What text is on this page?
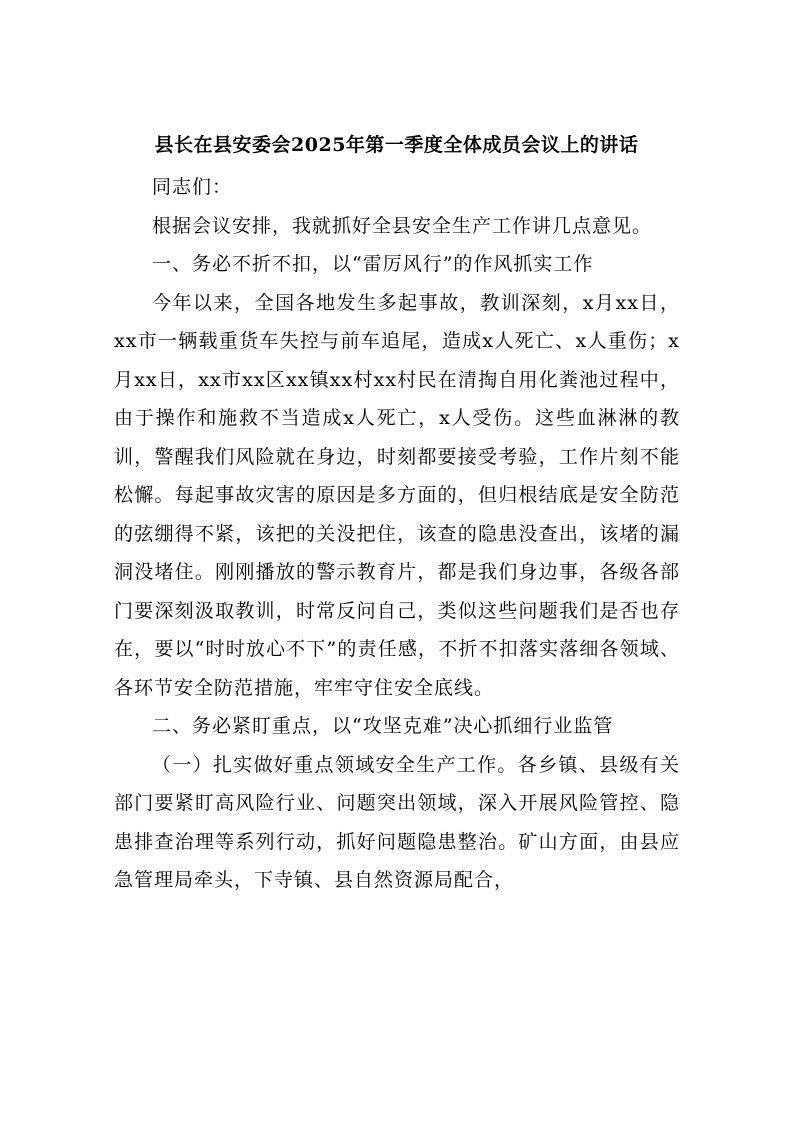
县长在县安委会2025年第一季度全体成员会议上的讲话

同志们：

根据会议安排，我就抓好全县安全生产工作讲几点意见。

一、务必不折不扣，以“雷厉风行”的作风抓实工作

今年以来，全国各地发生多起事故，教训深刻，x月xx日，xx市一辆载重货车失控与前车追尾，造成x人死亡、x人重伤；x月xx日，xx市xx区xx镇xx村xx村民在清掏自用化粪池过程中，由于操作和施救不当造成x人死亡，x人受伤。这些血淋淋的教训，警醒我们风险就在身边，时刻都要接受考验，工作片刻不能松懈。每起事故灾害的原因是多方面的，但归根结底是安全防范的弦绷得不紧，该把的关没把住，该查的隐患没查出，该堵的漏洞没堵住。刚刚播放的警示教育片，都是我们身边事，各级各部门要深刻汲取教训，时常反问自己，类似这些问题我们是否也存在，要以“时时放心不下”的责任感，不折不扣落实落细各领域、各环节安全防范措施，牢牢守住安全底线。

二、务必紧盯重点，以“攻坚克难”决心抓细行业监管

（一）扎实做好重点领域安全生产工作。各乡镇、县级有关部门要紧盯高风险行业、问题突出领域，深入开展风险管控、隐患排查治理等系列行动，抓好问题隐患整治。矿山方面，由县应急管理局牵头，下寺镇、县自然资源局配合，
